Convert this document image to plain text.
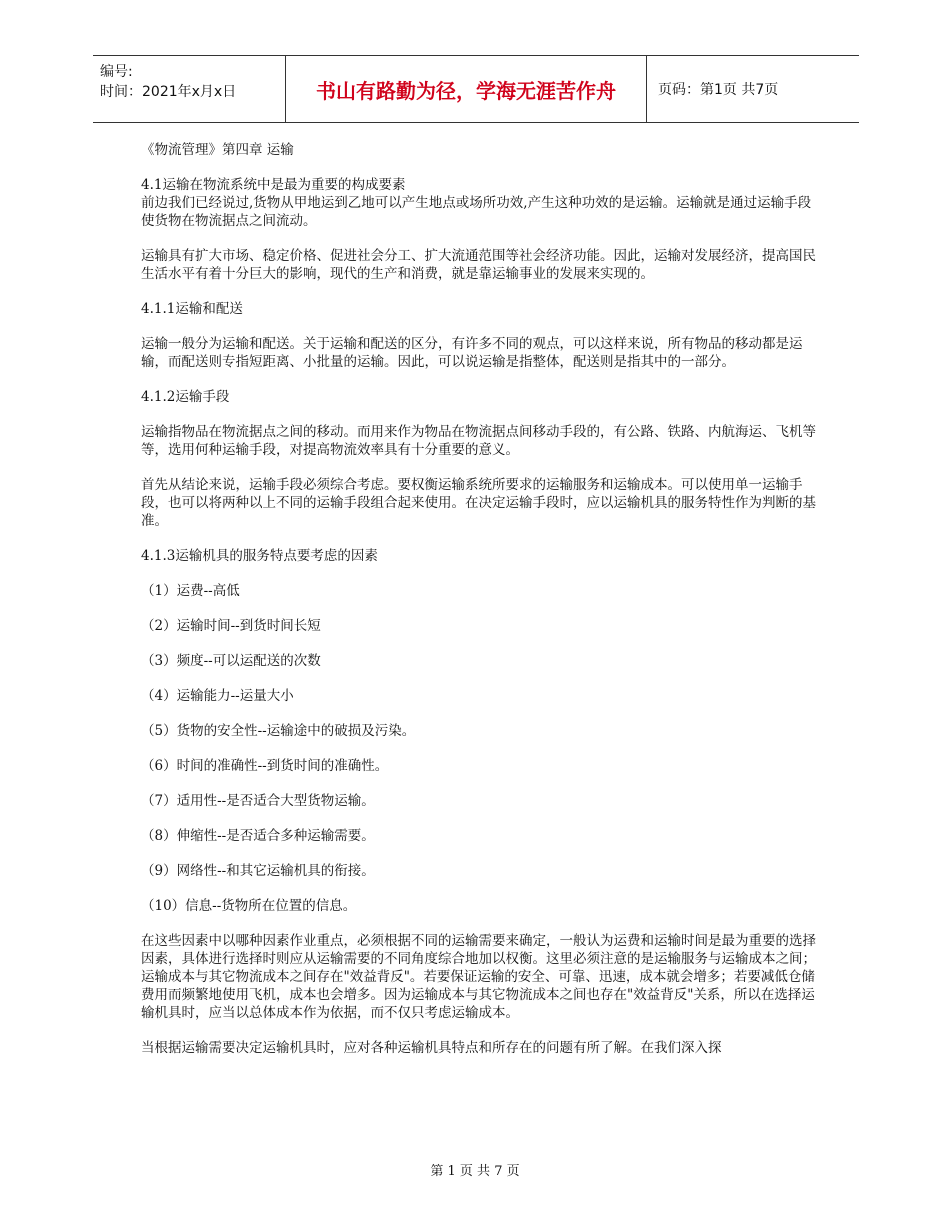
编号:
时间：2021年x月x日	书山有路勤为径，学海无涯苦作舟	页码：第1页 共7页

《物流管理》第四章 运输

4.1运输在物流系统中是最为重要的构成要素

前边我们已经说过,货物从甲地运到乙地可以产生地点或场所功效,产生这种功效的是运输。运输就是通过运输手段使货物在物流据点之间流动。

运输具有扩大市场、稳定价格、促进社会分工、扩大流通范围等社会经济功能。因此，运输对发展经济，提高国民生活水平有着十分巨大的影响，现代的生产和消费，就是靠运输事业的发展来实现的。

4.1.1运输和配送

运输一般分为运输和配送。关于运输和配送的区分，有许多不同的观点，可以这样来说，所有物品的移动都是运输，而配送则专指短距离、小批量的运输。因此，可以说运输是指整体，配送则是指其中的一部分。

4.1.2运输手段

运输指物品在物流据点之间的移动。而用来作为物品在物流据点间移动手段的，有公路、铁路、内航海运、飞机等等，选用何种运输手段，对提高物流效率具有十分重要的意义。

首先从结论来说，运输手段必须综合考虑。要权衡运输系统所要求的运输服务和运输成本。可以使用单一运输手段，也可以将两种以上不同的运输手段组合起来使用。在决定运输手段时，应以运输机具的服务特性作为判断的基准。

4.1.3运输机具的服务特点要考虑的因素

（1）运费--高低

（2）运输时间--到货时间长短

（3）频度--可以运配送的次数

（4）运输能力--运量大小

（5）货物的安全性--运输途中的破损及污染。

（6）时间的准确性--到货时间的准确性。

（7）适用性--是否适合大型货物运输。

（8）伸缩性--是否适合多种运输需要。

（9）网络性--和其它运输机具的衔接。

（10）信息--货物所在位置的信息。

在这些因素中以哪种因素作业重点，必须根据不同的运输需要来确定，一般认为运费和运输时间是最为重要的选择因素，具体进行选择时则应从运输需要的不同角度综合地加以权衡。这里必须注意的是运输服务与运输成本之间；运输成本与其它物流成本之间存在"效益背反"。若要保证运输的安全、可靠、迅速，成本就会增多；若要减低仓储费用而频繁地使用飞机，成本也会增多。因为运输成本与其它物流成本之间也存在"效益背反"关系，所以在选择运输机具时，应当以总体成本作为依据，而不仅只考虑运输成本。

当根据运输需要决定运输机具时，应对各种运输机具特点和所存在的问题有所了解。在我们深入探

第 1 页 共 7 页
